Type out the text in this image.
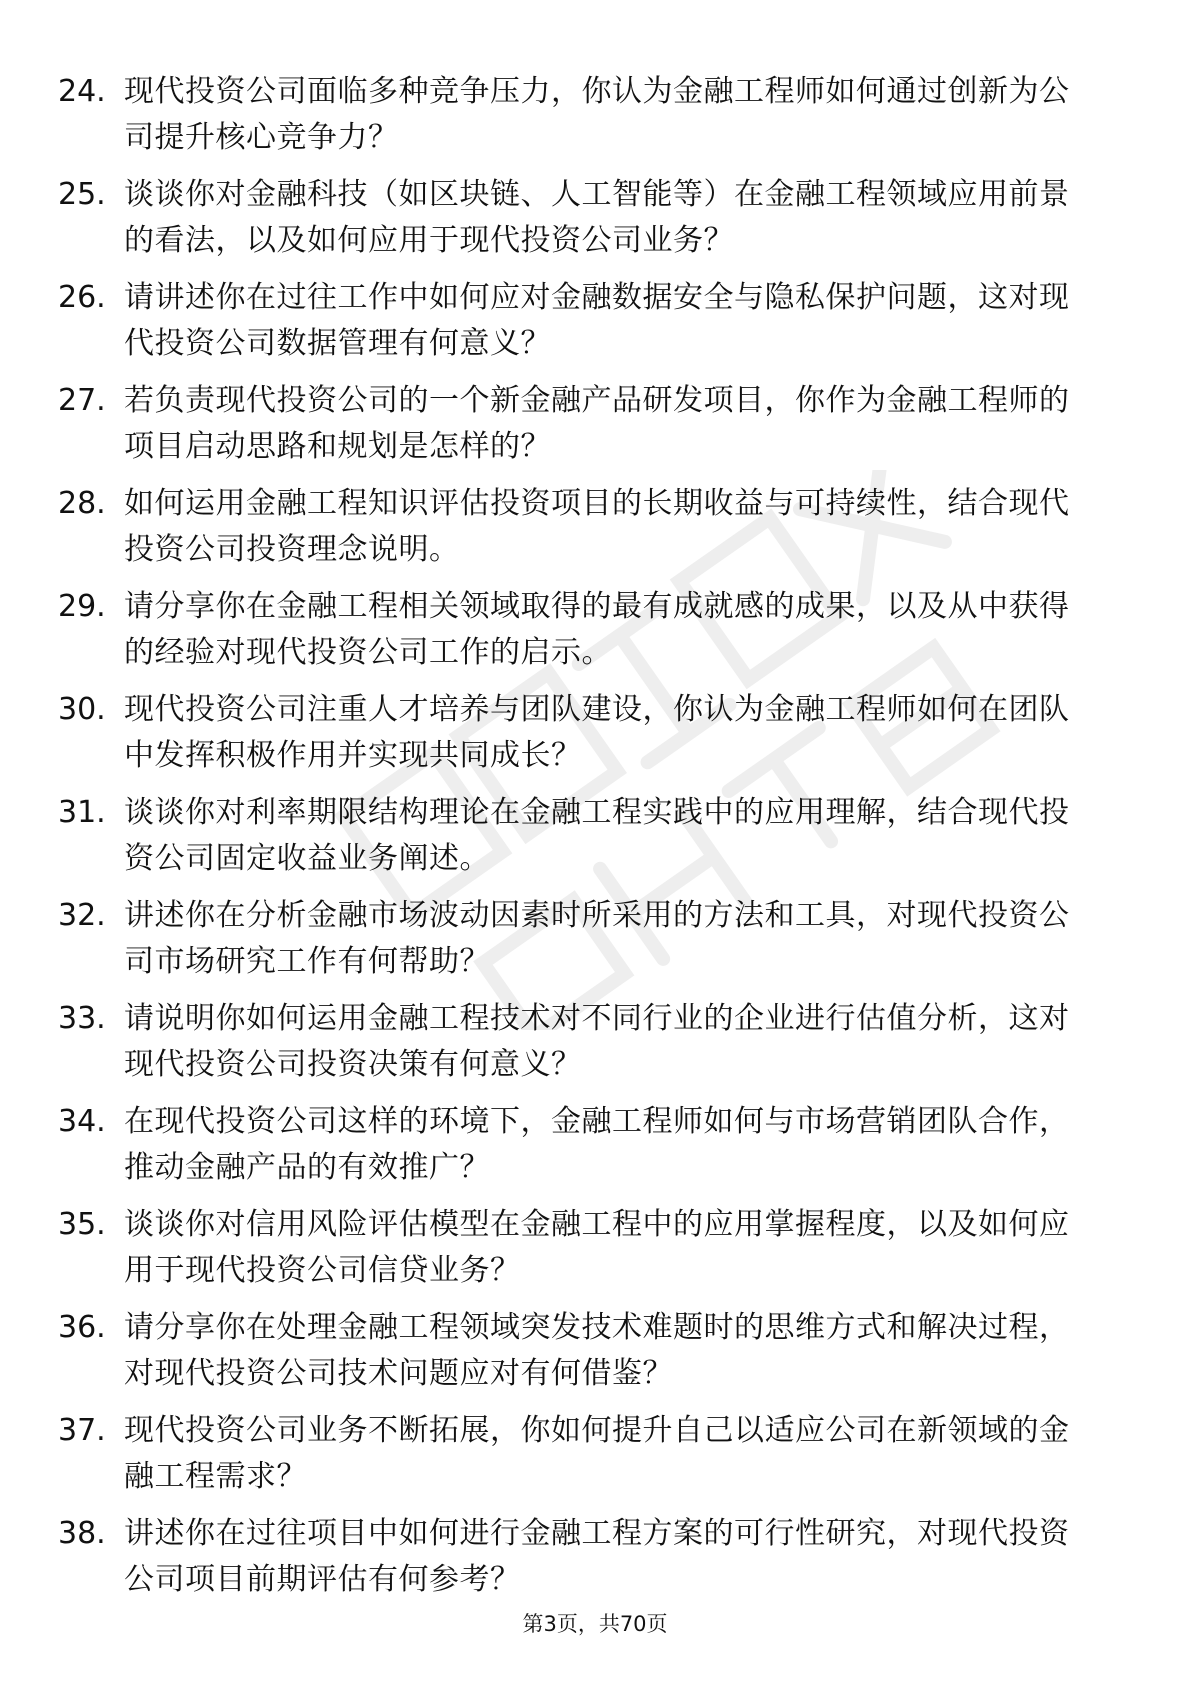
24. 现代投资公司面临多种竞争压力，你认为金融工程师如何通过创新为公司提升核心竞争力？
25. 谈谈你对金融科技（如区块链、人工智能等）在金融工程领域应用前景的看法，以及如何应用于现代投资公司业务？
26. 请讲述你在过往工作中如何应对金融数据安全与隐私保护问题，这对现代投资公司数据管理有何意义？
27. 若负责现代投资公司的一个新金融产品研发项目，你作为金融工程师的项目启动思路和规划是怎样的？
28. 如何运用金融工程知识评估投资项目的长期收益与可持续性，结合现代投资公司投资理念说明。
29. 请分享你在金融工程相关领域取得的最有成就感的成果，以及从中获得的经验对现代投资公司工作的启示。
30. 现代投资公司注重人才培养与团队建设，你认为金融工程师如何在团队中发挥积极作用并实现共同成长？
31. 谈谈你对利率期限结构理论在金融工程实践中的应用理解，结合现代投资公司固定收益业务阐述。
32. 讲述你在分析金融市场波动因素时所采用的方法和工具，对现代投资公司市场研究工作有何帮助？
33. 请说明你如何运用金融工程技术对不同行业的企业进行估值分析，这对现代投资公司投资决策有何意义？
34. 在现代投资公司这样的环境下，金融工程师如何与市场营销团队合作，推动金融产品的有效推广？
35. 谈谈你对信用风险评估模型在金融工程中的应用掌握程度，以及如何应用于现代投资公司信贷业务？
36. 请分享你在处理金融工程领域突发技术难题时的思维方式和解决过程，对现代投资公司技术问题应对有何借鉴？
37. 现代投资公司业务不断拓展，你如何提升自己以适应公司在新领域的金融工程需求？
38. 讲述你在过往项目中如何进行金融工程方案的可行性研究，对现代投资公司项目前期评估有何参考？
第3页，共70页
